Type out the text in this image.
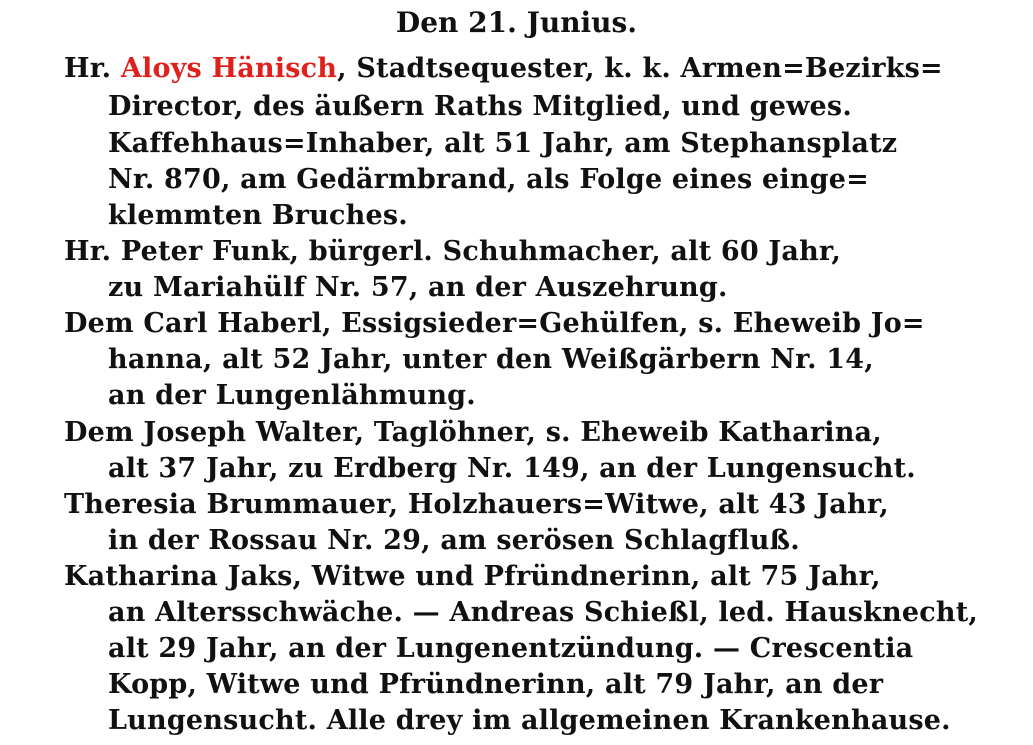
Den 21. Junius.
Hr. Aloys Hänisch, Stadtsequester, k. k. Armen=Bezirks=
Director, des äußern Raths Mitglied, und gewes.
Kaffehhaus=Inhaber, alt 51 Jahr, am Stephansplatz
Nr. 870, am Gedärmbrand, als Folge eines einge=
klemmten Bruches.
Hr. Peter Funk, bürgerl. Schuhmacher, alt 60 Jahr,
zu Mariahülf Nr. 57, an der Auszehrung.
Dem Carl Haberl, Essigsieder=Gehülfen, s. Eheweib Jo=
hanna, alt 52 Jahr, unter den Weißgärbern Nr. 14,
an der Lungenlähmung.
Dem Joseph Walter, Taglöhner, s. Eheweib Katharina,
alt 37 Jahr, zu Erdberg Nr. 149, an der Lungensucht.
Theresia Brummauer, Holzhauers=Witwe, alt 43 Jahr,
in der Rossau Nr. 29, am serösen Schlagfluß.
Katharina Jaks, Witwe und Pfründnerinn, alt 75 Jahr,
an Altersschwäche. — Andreas Schießl, led. Hausknecht,
alt 29 Jahr, an der Lungenentzündung. — Crescentia
Kopp, Witwe und Pfründnerinn, alt 79 Jahr, an der
Lungensucht. Alle drey im allgemeinen Krankenhause.
